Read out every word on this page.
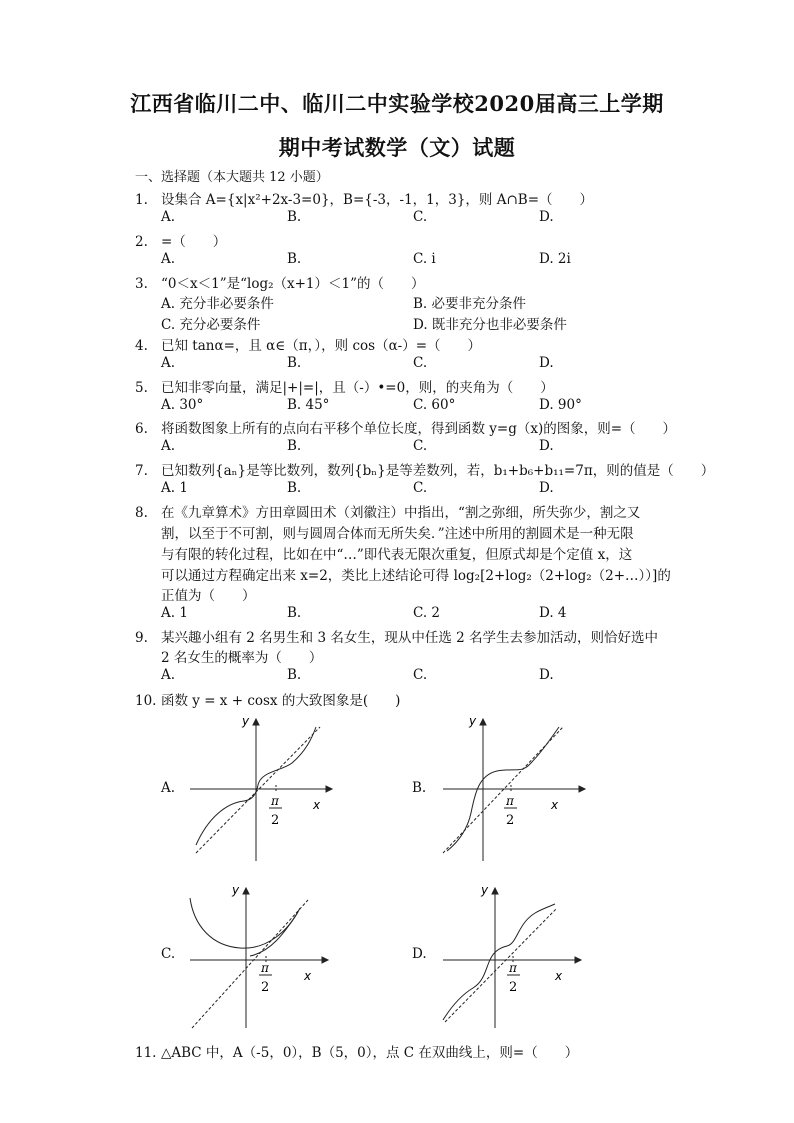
江西省临川二中、临川二中实验学校2020届高三上学期
期中考试数学（文）试题
一、选择题（本大题共 12 小题）
1. 设集合 A={x|x²+2x-3=0}，B={-3，-1，1，3}，则 A∩B=（　　）
A.	B.	C.	D.
2. =（　　）
A.	B.	C. i	D. 2i
3. “0＜x＜1”是“log₂（x+1）＜1”的（　　）
A. 充分非必要条件	B. 必要非充分条件
C. 充分必要条件	D. 既非充分也非必要条件
4. 已知 tanα=，且 α∈（π，），则 cos（α-）=（　　）
A.	B.	C.	D.
5. 已知非零向量，满足|+|=|，且（-）•=0，则，的夹角为（　　）
A. 30°	B. 45°	C. 60°	D. 90°
6. 将函数图象上所有的点向右平移个单位长度，得到函数 y=g（x)的图象，则=（　　）
A.	B.	C.	D.
7. 已知数列{aₙ}是等比数列，数列{bₙ}是等差数列，若，b₁+b₆+b₁₁=7π，则的值是（　　）
A. 1	B.	C.	D.
8. 在《九章算术》方田章圆田术（刘徽注）中指出，“割之弥细，所失弥少，割之又
割，以至于不可割，则与圆周合体而无所失矣．”注述中所用的割圆术是一种无限
与有限的转化过程，比如在中“…”即代表无限次重复，但原式却是个定值 x，这
可以通过方程确定出来 x=2，类比上述结论可得 log₂[2+log₂（2+log₂（2+…））]的
正值为（　　）
A. 1	B.	C. 2	D. 4
9. 某兴趣小组有 2 名男生和 3 名女生，现从中任选 2 名学生去参加活动，则恰好选中
2 名女生的概率为（　　）
A.	B.	C.	D.
10. 函数 y = x + cosx 的大致图象是(　　)
A.	B.
C.	D.
y
x
π
2
y
x
π
2
y
x
π
2
y
x
π
2
11. △ABC 中，A（-5，0），B（5，0），点 C 在双曲线上，则=（　　）
